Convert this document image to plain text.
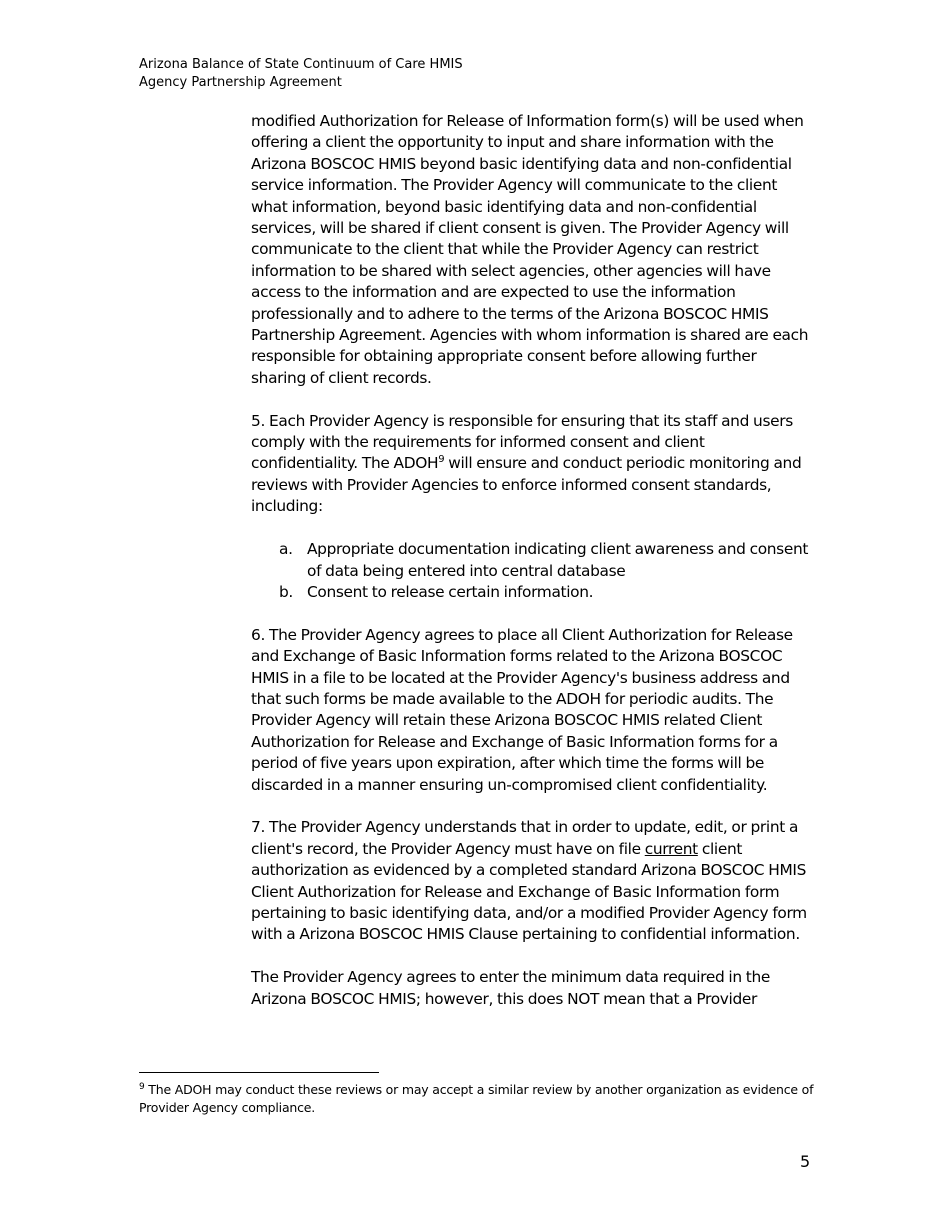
Arizona Balance of State Continuum of Care HMIS
Agency Partnership Agreement

modified Authorization for Release of Information form(s) will be used when offering a client the opportunity to input and share information with the Arizona BOSCOC HMIS beyond basic identifying data and non-confidential service information. The Provider Agency will communicate to the client what information, beyond basic identifying data and non-confidential services, will be shared if client consent is given. The Provider Agency will communicate to the client that while the Provider Agency can restrict information to be shared with select agencies, other agencies will have access to the information and are expected to use the information professionally and to adhere to the terms of the Arizona BOSCOC HMIS Partnership Agreement. Agencies with whom information is shared are each responsible for obtaining appropriate consent before allowing further sharing of client records.

5. Each Provider Agency is responsible for ensuring that its staff and users comply with the requirements for informed consent and client confidentiality. The ADOH$^9$ will ensure and conduct periodic monitoring and reviews with Provider Agencies to enforce informed consent standards, including:

a. Appropriate documentation indicating client awareness and consent of data being entered into central database
b. Consent to release certain information.

6. The Provider Agency agrees to place all Client Authorization for Release and Exchange of Basic Information forms related to the Arizona BOSCOC HMIS in a file to be located at the Provider Agency's business address and that such forms be made available to the ADOH for periodic audits. The Provider Agency will retain these Arizona BOSCOC HMIS related Client Authorization for Release and Exchange of Basic Information forms for a period of five years upon expiration, after which time the forms will be discarded in a manner ensuring un-compromised client confidentiality.

7. The Provider Agency understands that in order to update, edit, or print a client's record, the Provider Agency must have on file current client authorization as evidenced by a completed standard Arizona BOSCOC HMIS Client Authorization for Release and Exchange of Basic Information form pertaining to basic identifying data, and/or a modified Provider Agency form with a Arizona BOSCOC HMIS Clause pertaining to confidential information.

The Provider Agency agrees to enter the minimum data required in the Arizona BOSCOC HMIS; however, this does NOT mean that a Provider

$^9$ The ADOH may conduct these reviews or may accept a similar review by another organization as evidence of Provider Agency compliance.
5
